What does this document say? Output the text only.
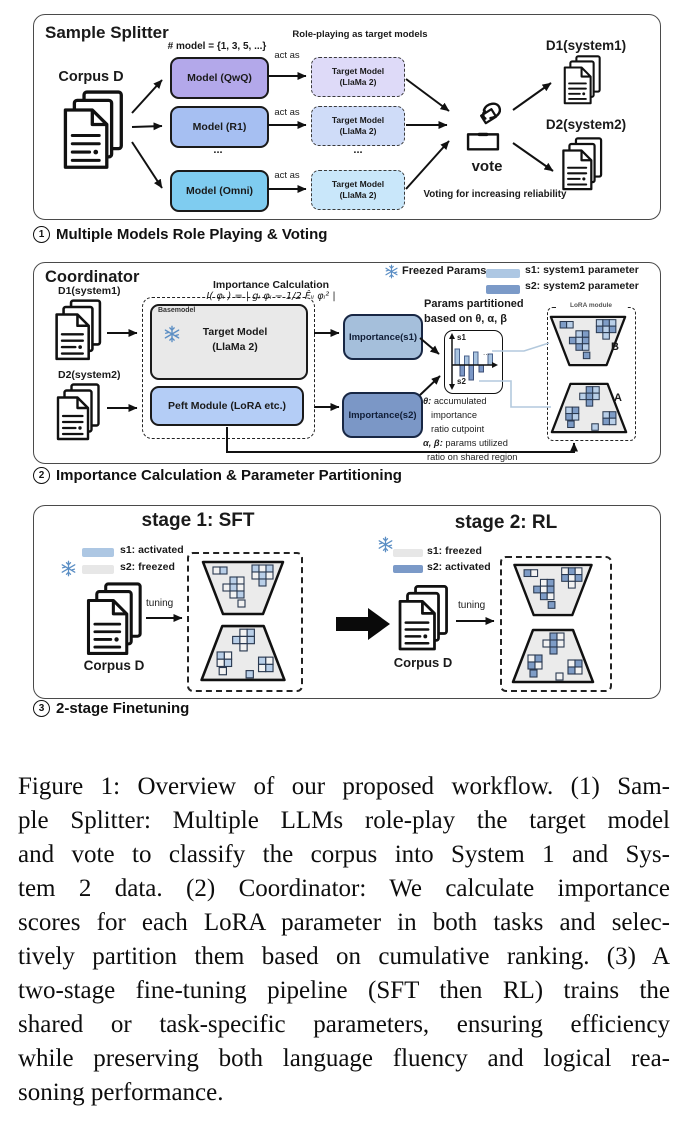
Sample Splitter
Corpus D
# model = {1, 3, 5, ...}
Model (QwQ)
Model (R1)
...
Model (Omni)
act as
act as
act as
Role-playing as target models
Target Model
(LlaMa 2)
Target Model
(LlaMa 2)
...
Target Model
(LlaMa 2)
vote
Voting for increasing reliability
D1(system1)
D2(system2)
1 Multiple Models Role Playing & Voting
Coordinator
D1(system1)
D2(system2)
Importance Calculation
I( φᵢ ) = | gᵢ φᵢ − 1/2 F̂ᵢᵢ φᵢ² |
Basemodel
Target Model
(LlaMa 2)
Peft Module (LoRA etc.)
Importance(s1)
Importance(s2)
Freezed Params	s1: system1 parameter
s2: system2 parameter
Params partitioned
based on θ, α, β
s1
s2
...
θ: accumulated
importance
ratio cutpoint
α, β: params utilized
ratio on shared region
LoRA module
B
A
2 Importance Calculation & Parameter Partitioning
stage 1: SFT	stage 2: RL
s1: activated
s2: freezed
Corpus D
tuning
s1: freezed
s2: activated
Corpus D
tuning
3 2-stage Finetuning
Figure 1: Overview of our proposed workflow. (1) Sam-
ple Splitter: Multiple LLMs role-play the target model
and vote to classify the corpus into System 1 and Sys-
tem 2 data. (2) Coordinator: We calculate importance
scores for each LoRA parameter in both tasks and selec-
tively partition them based on cumulative ranking. (3) A
two-stage fine-tuning pipeline (SFT then RL) trains the
shared or task-specific parameters, ensuring efficiency
while preserving both language fluency and logical rea-
soning performance.
